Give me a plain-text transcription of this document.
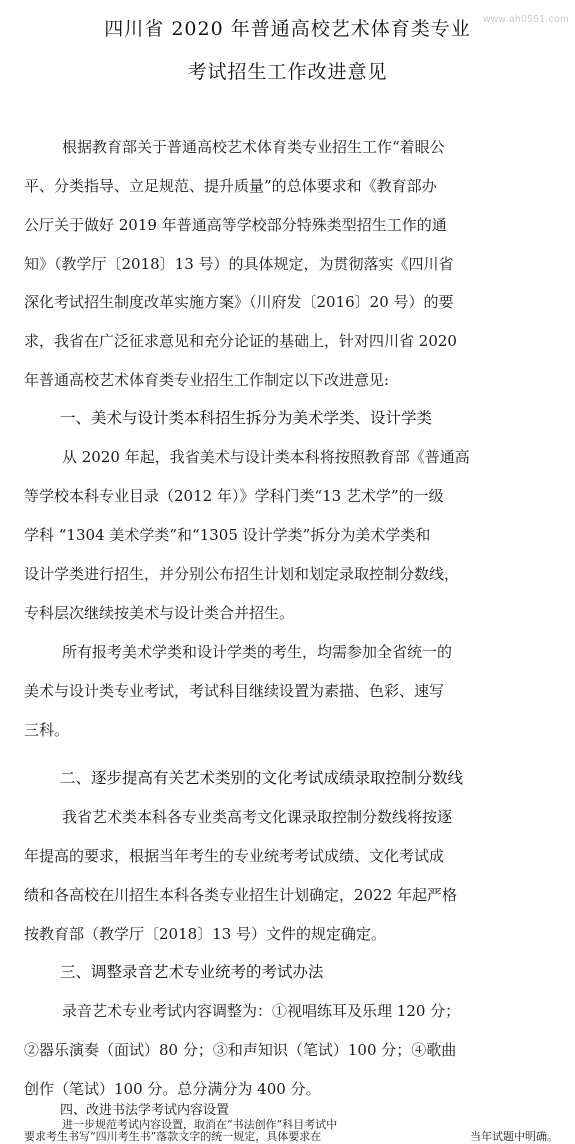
www.ah0551.com
四川省 2020 年普通高校艺术体育类专业
考试招生工作改进意见
根据教育部关于普通高校艺术体育类专业招生工作“着眼公
平、分类指导、立足规范、提升质量”的总体要求和《教育部办
公厅关于做好 2019 年普通高等学校部分特殊类型招生工作的通
知》（教学厅〔2018〕13 号）的具体规定，为贯彻落实《四川省
深化考试招生制度改革实施方案》（川府发〔2016〕20 号）的要
求，我省在广泛征求意见和充分论证的基础上，针对四川省 2020
年普通高校艺术体育类专业招生工作制定以下改进意见:
一、美术与设计类本科招生拆分为美术学类、设计学类
从 2020 年起，我省美术与设计类本科将按照教育部《普通高
等学校本科专业目录（2012 年）》学科门类“13 艺术学”的一级
学科 “1304 美术学类”和“1305 设计学类”拆分为美术学类和
设计学类进行招生，并分别公布招生计划和划定录取控制分数线，
专科层次继续按美术与设计类合并招生。
所有报考美术学类和设计学类的考生，均需参加全省统一的
美术与设计类专业考试，考试科目继续设置为素描、色彩、速写
三科。
二、逐步提高有关艺术类别的文化考试成绩录取控制分数线
我省艺术类本科各专业类高考文化课录取控制分数线将按逐
年提高的要求，根据当年考生的专业统考考试成绩、文化考试成
绩和各高校在川招生本科各类专业招生计划确定，2022 年起严格
按教育部（教学厅〔2018〕13 号）文件的规定确定。
三、调整录音艺术专业统考的考试办法
录音艺术专业考试内容调整为：①视唱练耳及乐理 120 分；
②器乐演奏（面试）80 分；③和声知识（笔试）100 分；④歌曲
创作（笔试）100 分。总分满分为 400 分。
四、改进书法学考试内容设置
进一步规范考试内容设置，取消在“书法创作”科目考试中
要求考生书写“四川考生书”落款文字的统一规定，具体要求在	当年试题中明确。
